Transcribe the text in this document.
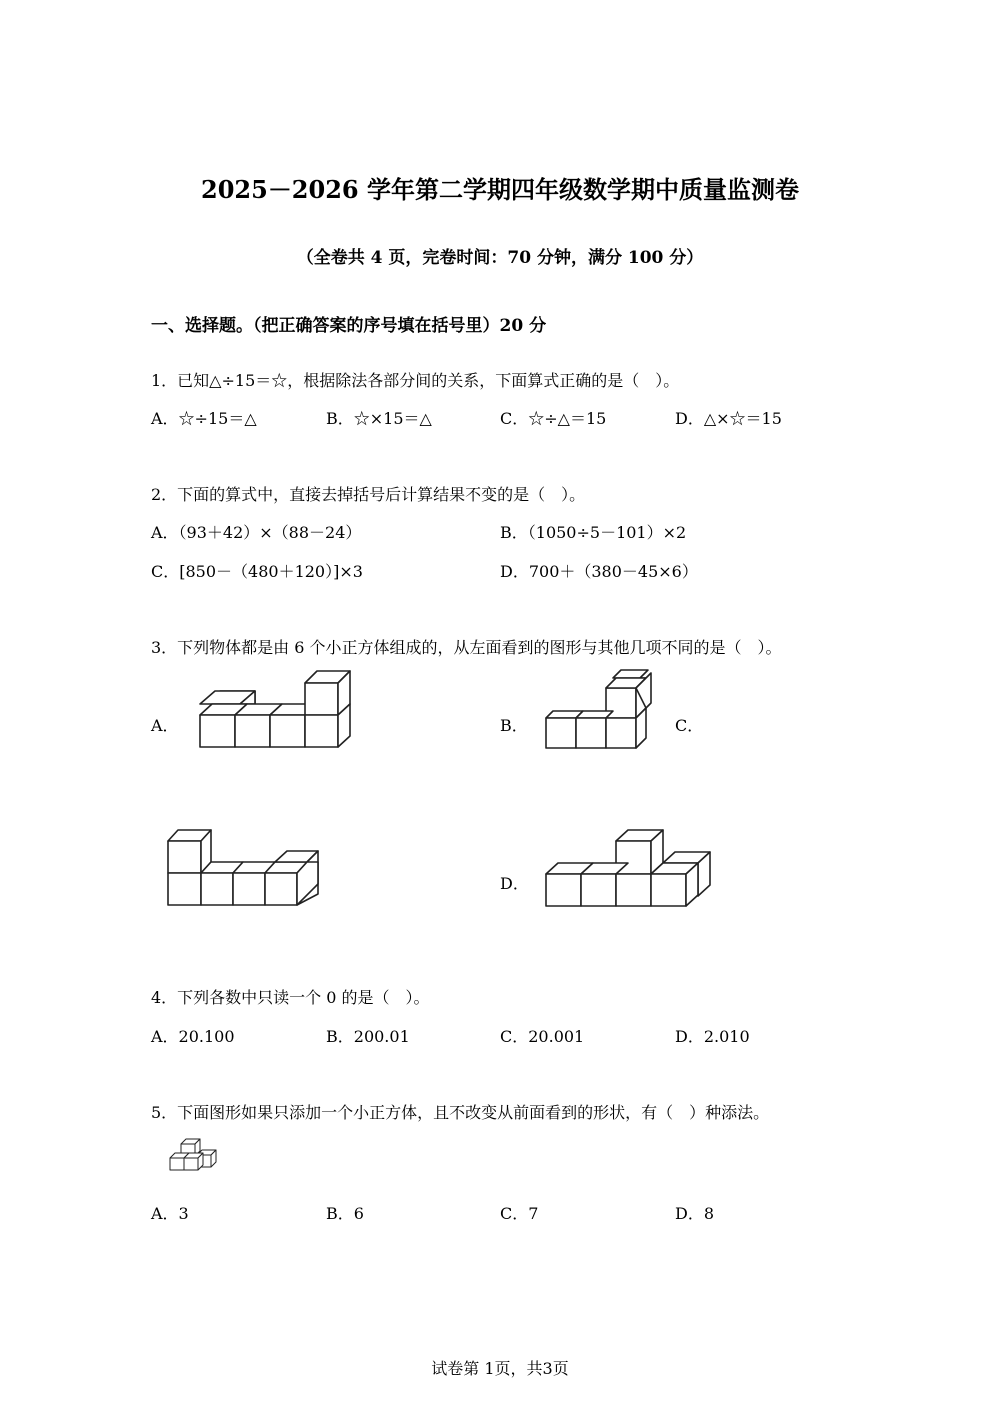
2025－2026 学年第二学期四年级数学期中质量监测卷
（全卷共 4 页，完卷时间：70 分钟，满分 100 分）
一、选择题。（把正确答案的序号填在括号里）20 分
1．已知△÷15＝☆，根据除法各部分间的关系，下面算式正确的是（　）。
A．☆÷15＝△	B．☆×15＝△	C．☆÷△＝15	D．△×☆＝15
2．下面的算式中，直接去掉括号后计算结果不变的是（　）。
A．（93＋42）×（88－24）	B．（1050÷5－101）×2
C．[850－（480＋120）]×3	D．700＋（380－45×6）
3．下列物体都是由 6 个小正方体组成的，从左面看到的图形与其他几项不同的是（　）。
A．	B．	C．
D．
4．下列各数中只读一个 0 的是（　）。
A．20.100	B．200.01	C．20.001	D．2.010
5．下面图形如果只添加一个小正方体，且不改变从前面看到的形状，有（　）种添法。
A．3	B．6	C．7	D．8
试卷第 1页，共3页
